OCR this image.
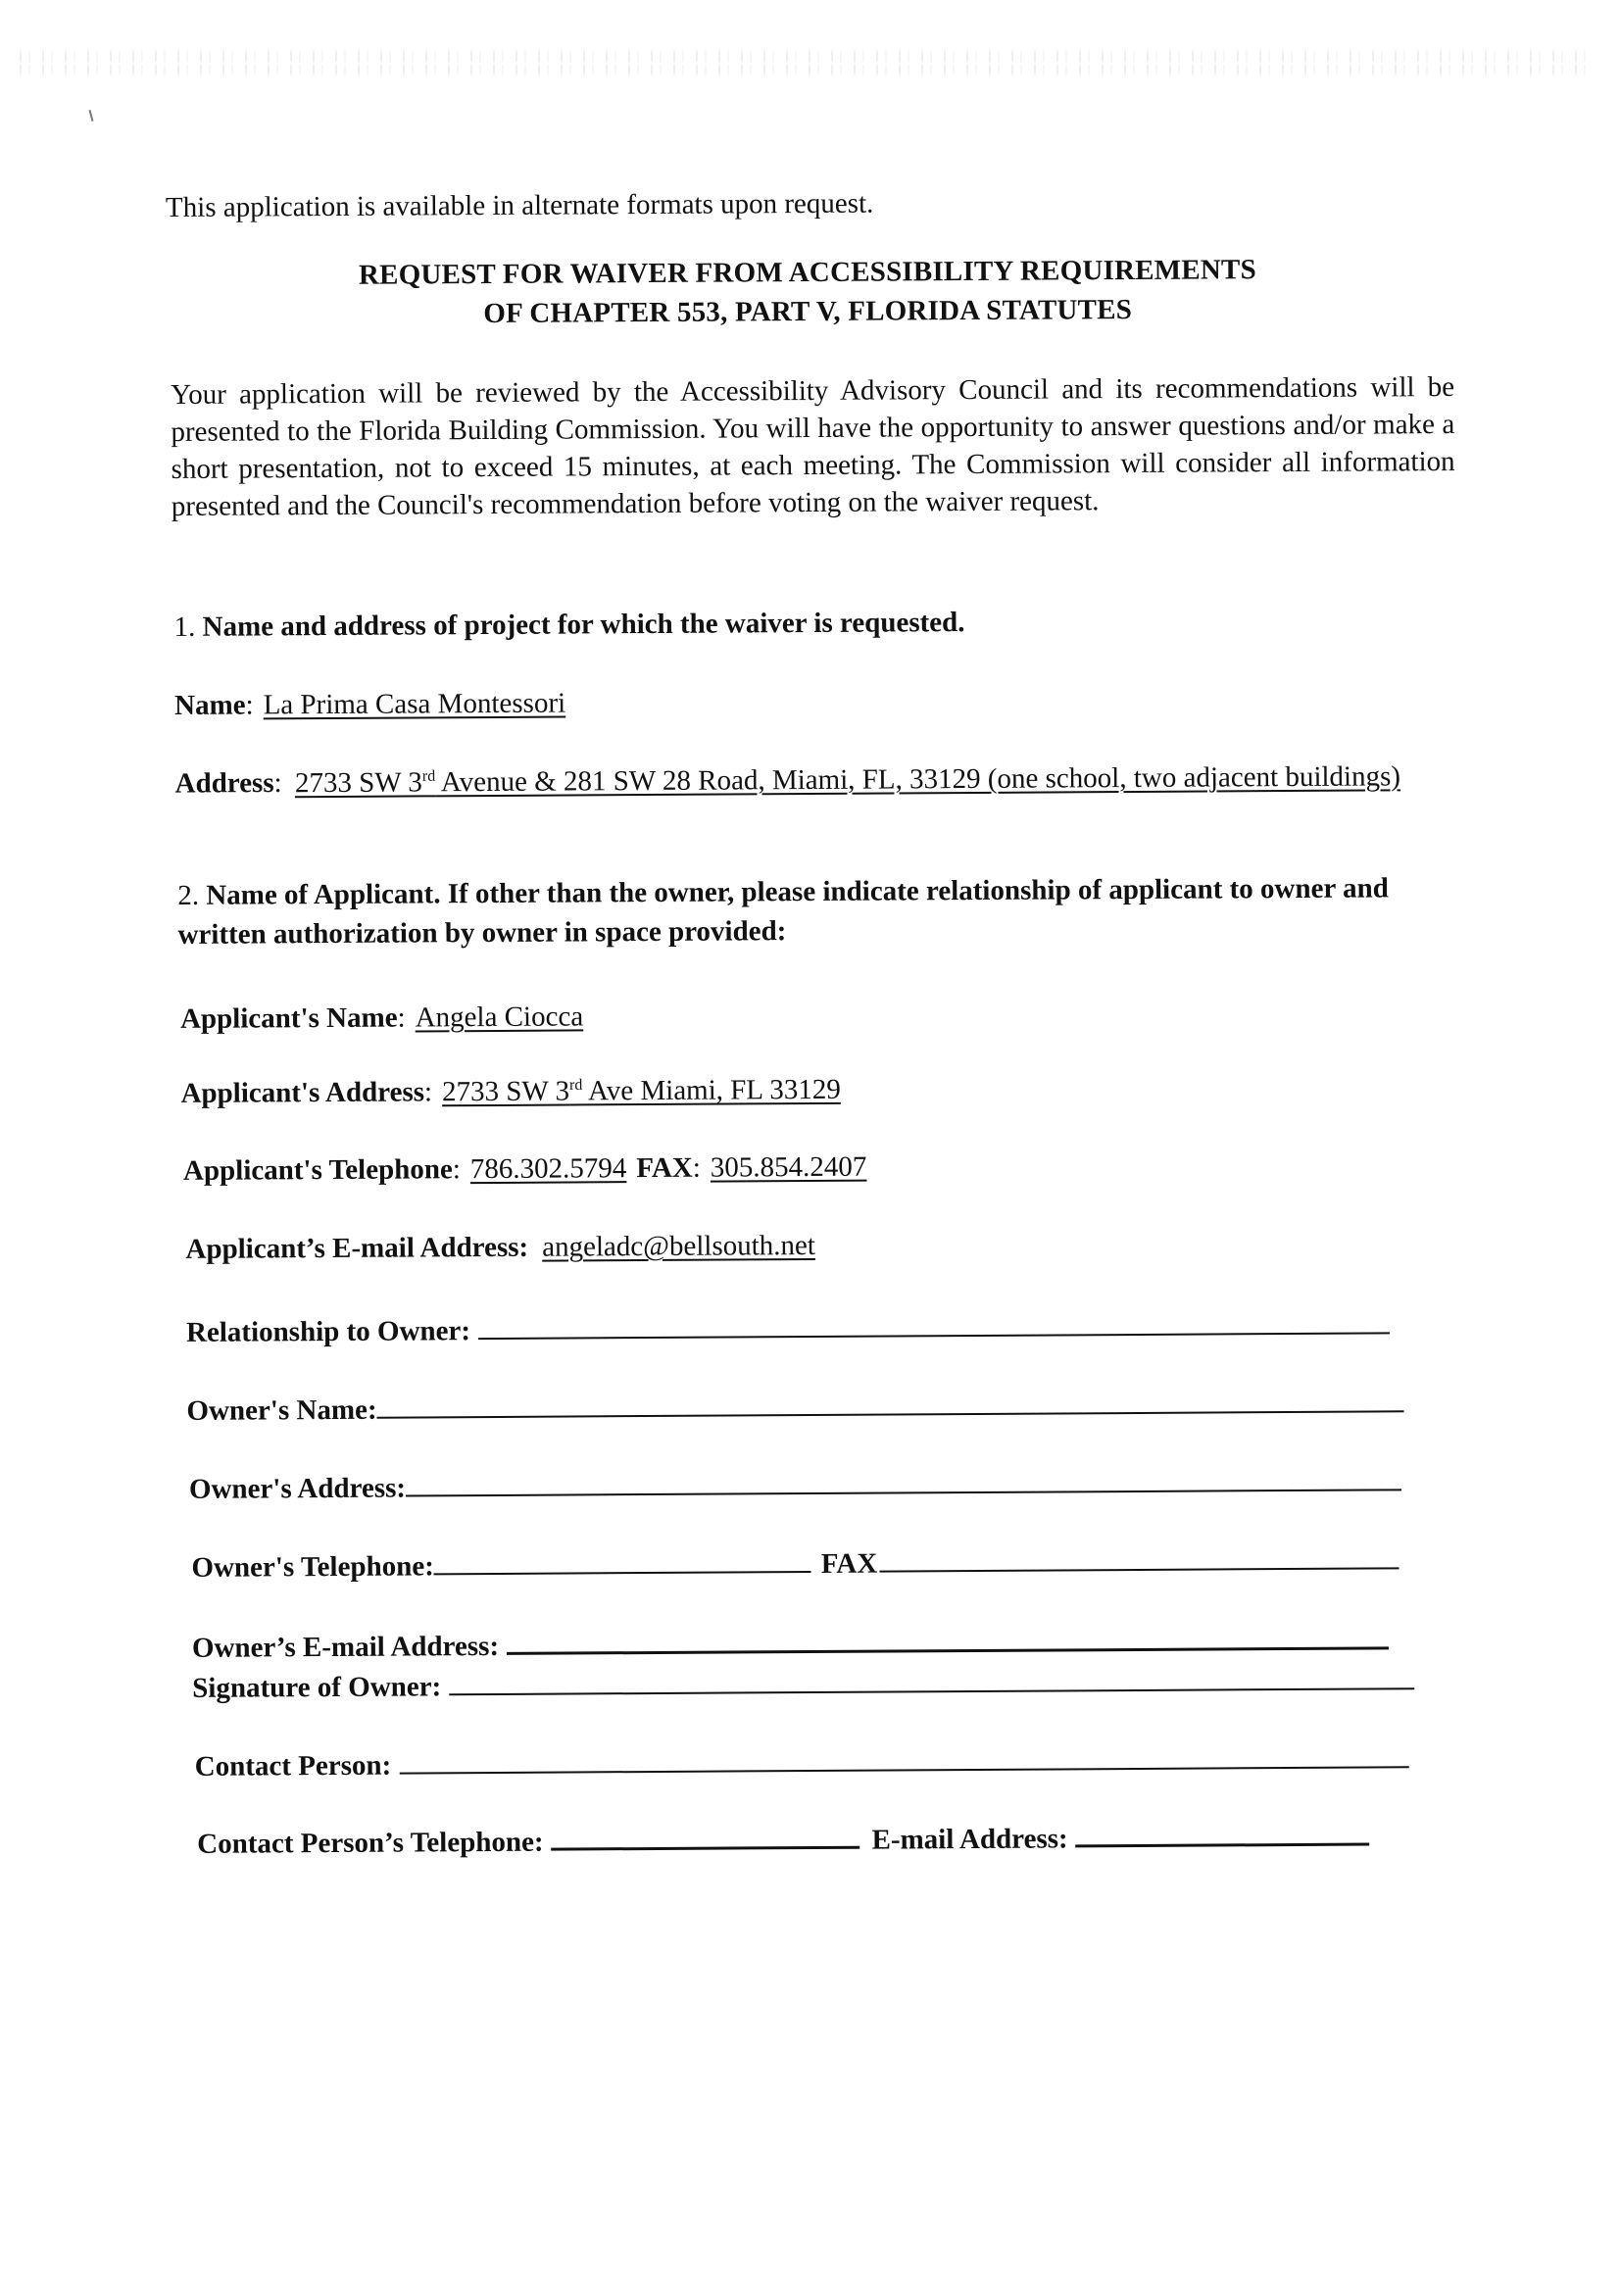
This application is available in alternate formats upon request.
REQUEST FOR WAIVER FROM ACCESSIBILITY REQUIREMENTS
OF CHAPTER 553, PART V, FLORIDA STATUTES
Your application will be reviewed by the Accessibility Advisory Council and its recommendations will be presented to the Florida Building Commission. You will have the opportunity to answer questions and/or make a short presentation, not to exceed 15 minutes, at each meeting. The Commission will consider all information presented and the Council's recommendation before voting on the waiver request.
1. Name and address of project for which the waiver is requested.
Name : La Prima Casa Montessori
Address: 2733 SW 3rd Avenue & 281 SW 28 Road, Miami, FL, 33129 (one school, two adjacent buildings)
2. Name of Applicant. If other than the owner, please indicate relationship of applicant to owner and written authorization by owner in space provided:
Applicant's Name : Angela Ciocca
Applicant's Address : 2733 SW 3rd Ave Miami, FL 33129
Applicant's Telephone : 786.302.5794 FAX : 305.854.2407
Applicant’s E-mail Address: angeladc@bellsouth.net
Relationship to Owner:
Owner's Name:
Owner's Address:
Owner's Telephone:	FAX
Owner’s E-mail Address:
Signature of Owner:
Contact Person:
Contact Person’s Telephone:	E-mail Address:
